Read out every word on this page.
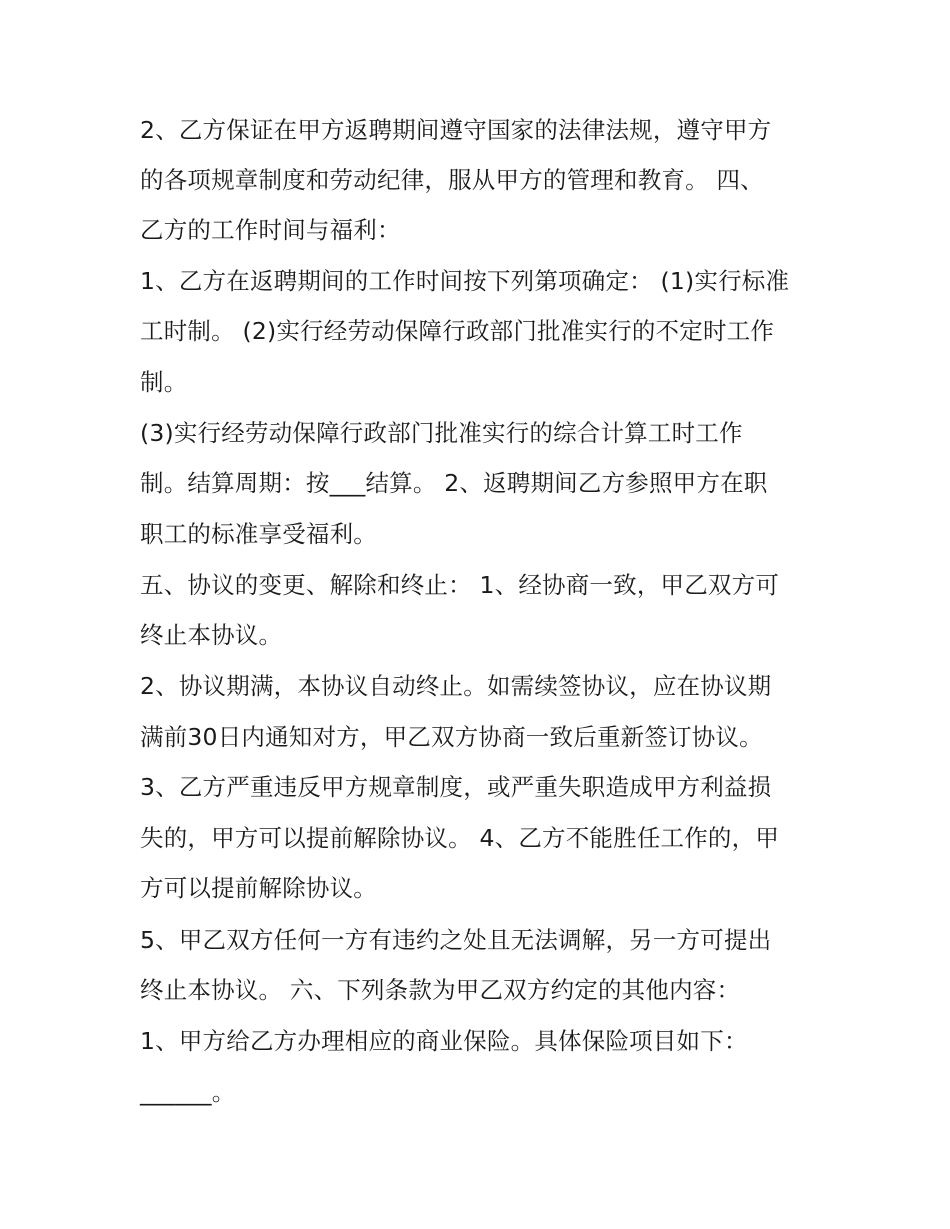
2、乙方保证在甲方返聘期间遵守国家的法律法规，遵守甲方
的各项规章制度和劳动纪律，服从甲方的管理和教育。 四、
乙方的工作时间与福利：
1、乙方在返聘期间的工作时间按下列第项确定： (1)实行标准
工时制。 (2)实行经劳动保障行政部门批准实行的不定时工作
制。
(3)实行经劳动保障行政部门批准实行的综合计算工时工作
制。结算周期：按___结算。 2、返聘期间乙方参照甲方在职
职工的标准享受福利。
五、协议的变更、解除和终止： 1、经协商一致，甲乙双方可
终止本协议。
2、协议期满，本协议自动终止。如需续签协议，应在协议期
满前30日内通知对方，甲乙双方协商一致后重新签订协议。
3、乙方严重违反甲方规章制度，或严重失职造成甲方利益损
失的，甲方可以提前解除协议。 4、乙方不能胜任工作的，甲
方可以提前解除协议。
5、甲乙双方任何一方有违约之处且无法调解，另一方可提出
终止本协议。 六、下列条款为甲乙双方约定的其他内容：
1、甲方给乙方办理相应的商业保险。具体保险项目如下：
______。
